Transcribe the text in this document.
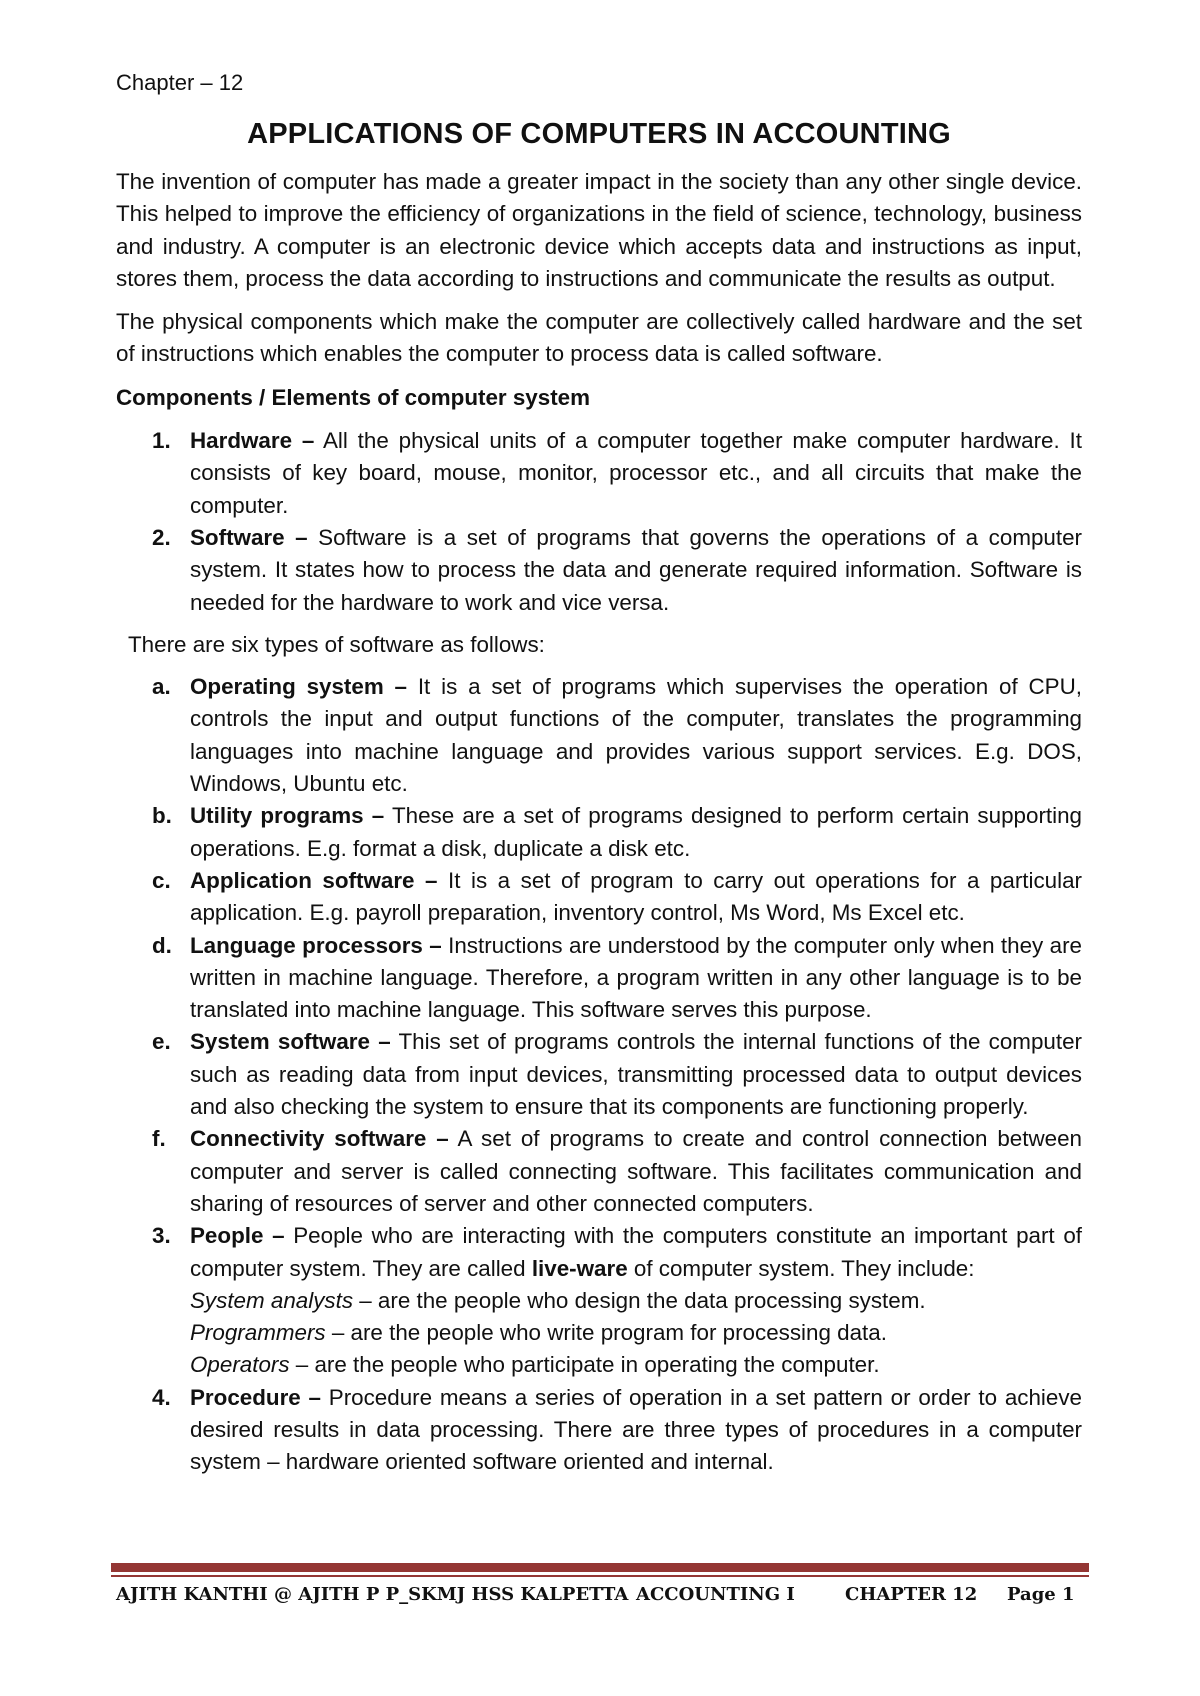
Chapter – 12
APPLICATIONS OF COMPUTERS IN ACCOUNTING

The invention of computer has made a greater impact in the society than any other single device. This helped to improve the efficiency of organizations in the field of science, technology, business and industry. A computer is an electronic device which accepts data and instructions as input, stores them, process the data according to instructions and communicate the results as output.

The physical components which make the computer are collectively called hardware and the set of instructions which enables the computer to process data is called software.

Components / Elements of computer system
1. Hardware – All the physical units of a computer together make computer hardware. It consists of key board, mouse, monitor, processor etc., and all circuits that make the computer.
2. Software – Software is a set of programs that governs the operations of a computer system. It states how to process the data and generate required information. Software is needed for the hardware to work and vice versa.

There are six types of software as follows:

a. Operating system – It is a set of programs which supervises the operation of CPU, controls the input and output functions of the computer, translates the programming languages into machine language and provides various support services. E.g. DOS, Windows, Ubuntu etc.
b. Utility programs – These are a set of programs designed to perform certain supporting operations. E.g. format a disk, duplicate a disk etc.
c. Application software – It is a set of program to carry out operations for a particular application. E.g. payroll preparation, inventory control, Ms Word, Ms Excel etc.
d. Language processors – Instructions are understood by the computer only when they are written in machine language. Therefore, a program written in any other language is to be translated into machine language. This software serves this purpose.
e. System software – This set of programs controls the internal functions of the computer such as reading data from input devices, transmitting processed data to output devices and also checking the system to ensure that its components are functioning properly.
f. Connectivity software – A set of programs to create and control connection between computer and server is called connecting software. This facilitates communication and sharing of resources of server and other connected computers.
3. People – People who are interacting with the computers constitute an important part of computer system. They are called live-ware of computer system. They include:
System analysts – are the people who design the data processing system.
Programmers – are the people who write program for processing data.
Operators – are the people who participate in operating the computer.
4. Procedure – Procedure means a series of operation in a set pattern or order to achieve desired results in data processing. There are three types of procedures in a computer system – hardware oriented software oriented and internal.
AJITH KANTHI @ AJITH P P_SKMJ HSS KALPETTA ACCOUNTING I	CHAPTER 12 Page 1
